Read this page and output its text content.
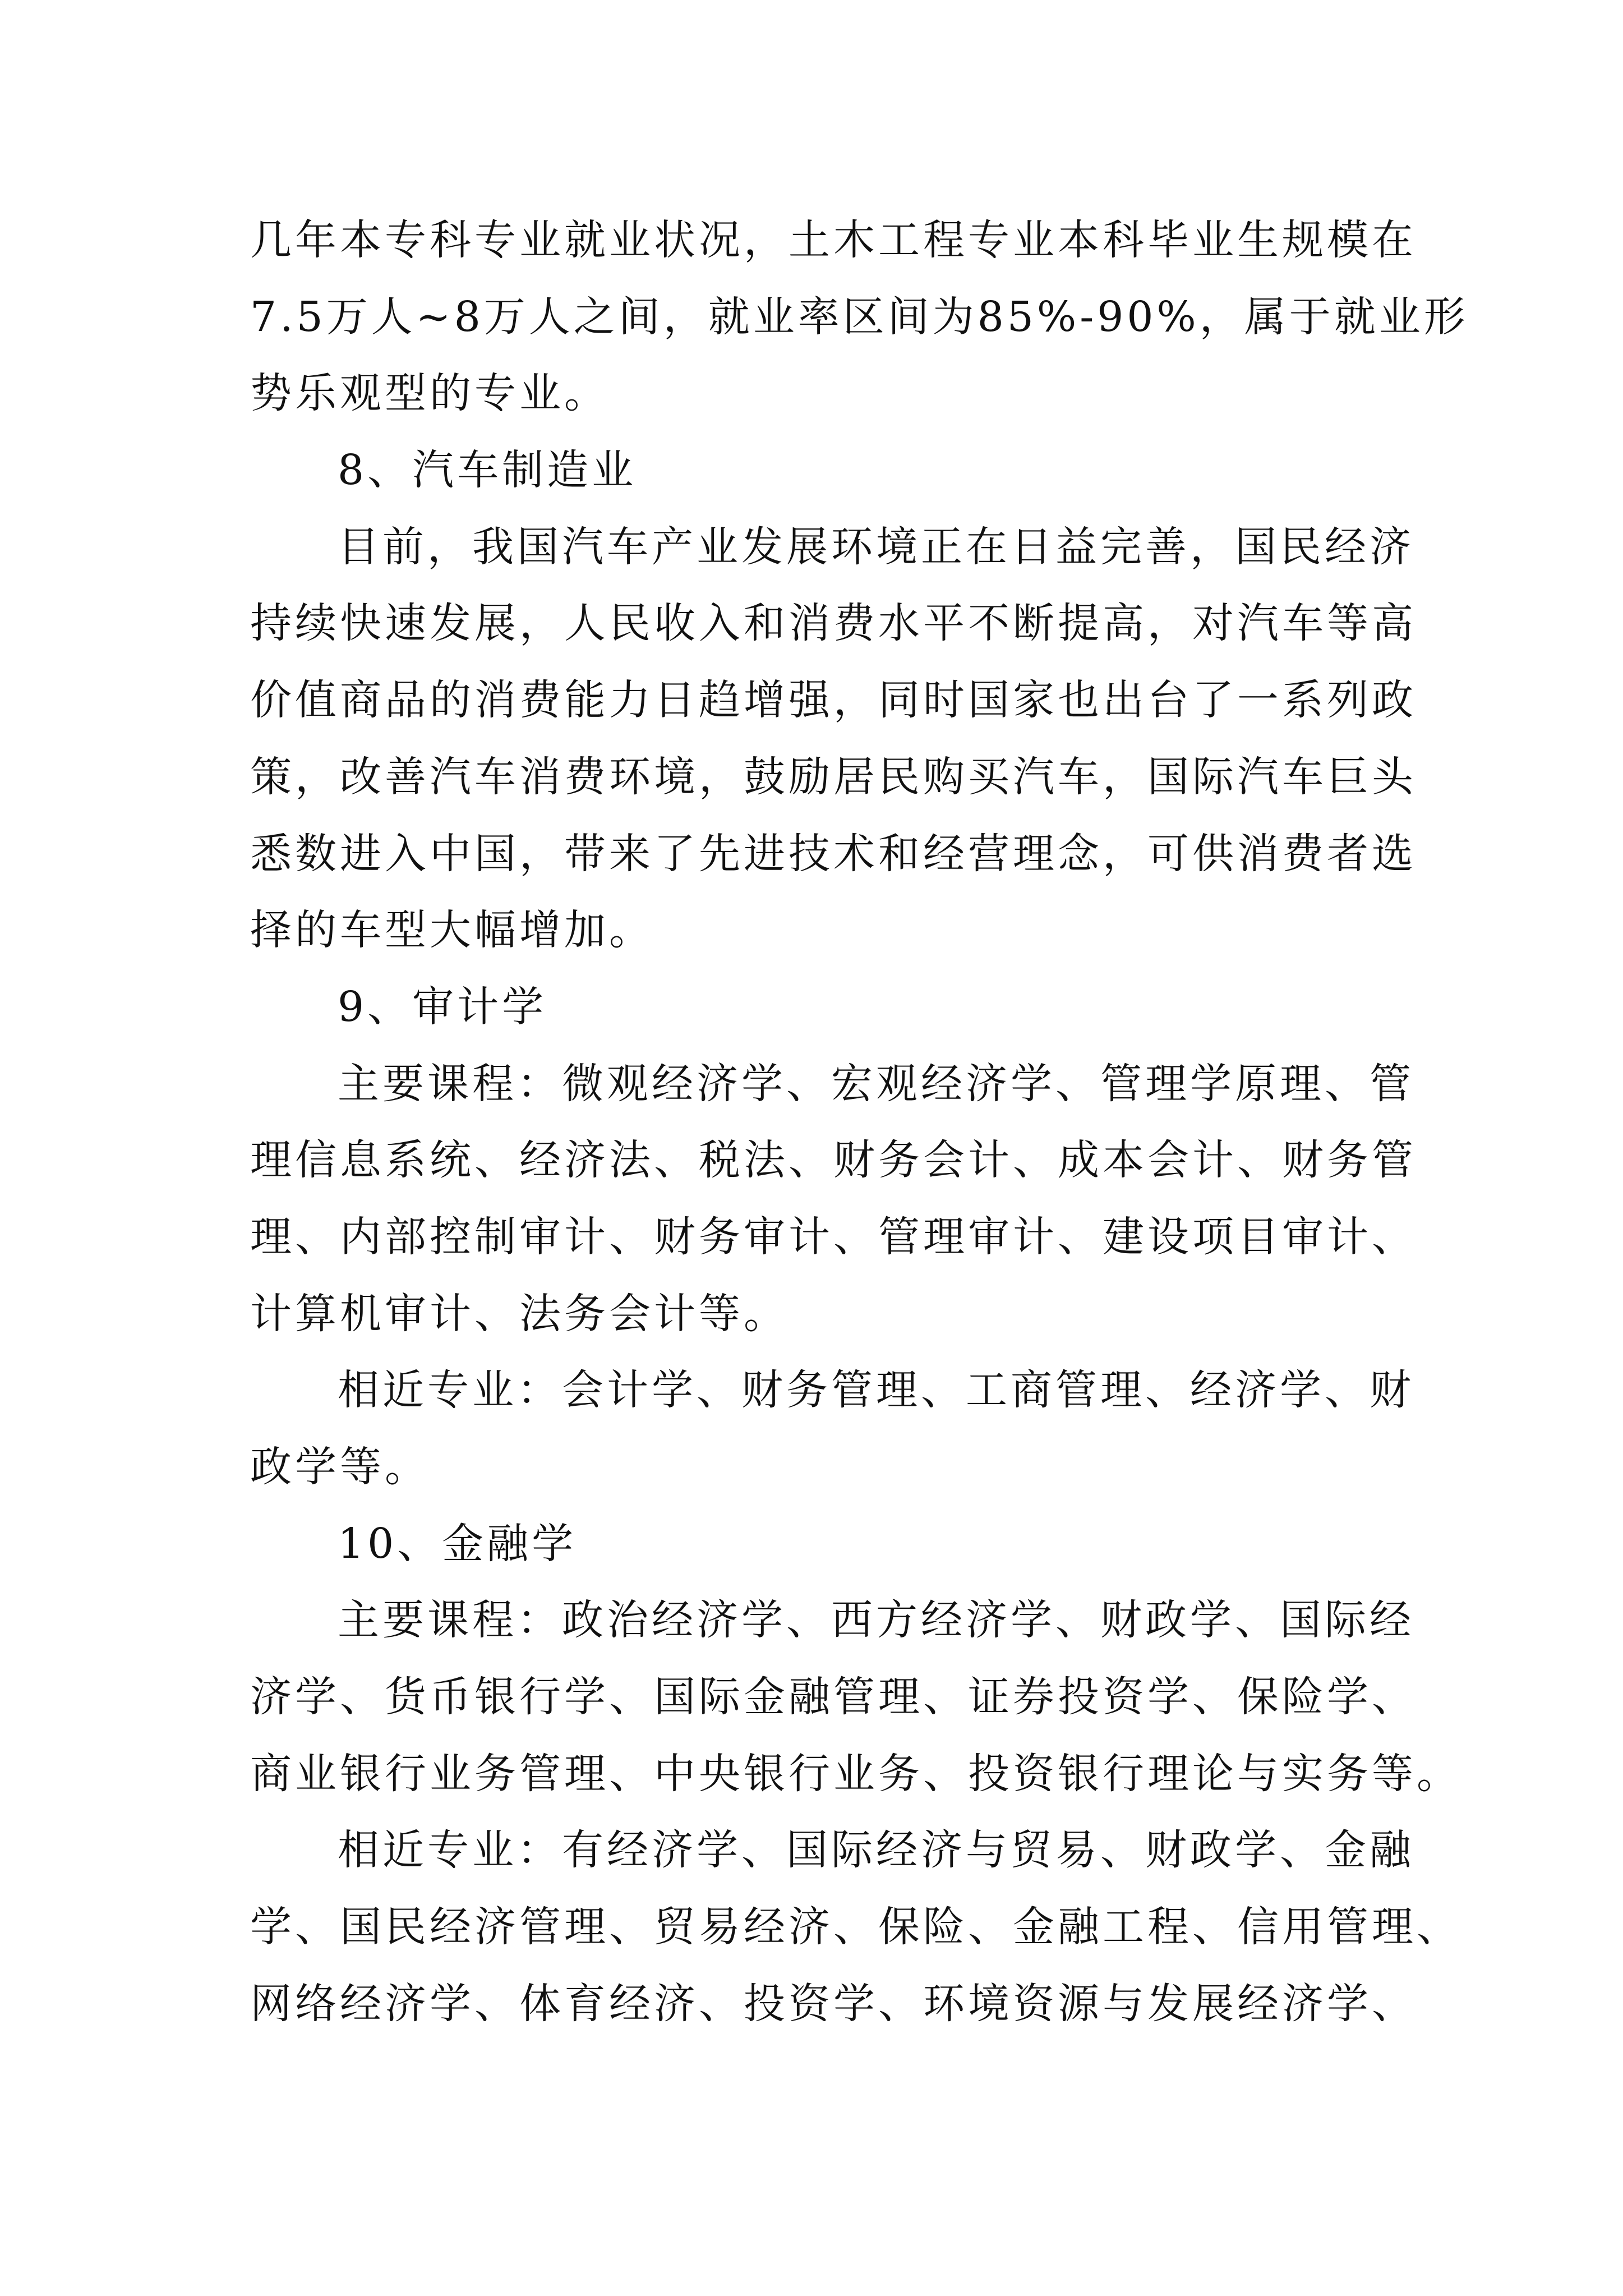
几年本专科专业就业状况，土木工程专业本科毕业生规模在
7.5万人~8万人之间，就业率区间为85%-90%，属于就业形
势乐观型的专业。
8、汽车制造业
目前，我国汽车产业发展环境正在日益完善，国民经济
持续快速发展，人民收入和消费水平不断提高，对汽车等高
价值商品的消费能力日趋增强，同时国家也出台了一系列政
策，改善汽车消费环境，鼓励居民购买汽车，国际汽车巨头
悉数进入中国，带来了先进技术和经营理念，可供消费者选
择的车型大幅增加。
9、审计学
主要课程：微观经济学、宏观经济学、管理学原理、管
理信息系统、经济法、税法、财务会计、成本会计、财务管
理、内部控制审计、财务审计、管理审计、建设项目审计、
计算机审计、法务会计等。
相近专业：会计学、财务管理、工商管理、经济学、财
政学等。
10、金融学
主要课程：政治经济学、西方经济学、财政学、国际经
济学、货币银行学、国际金融管理、证券投资学、保险学、
商业银行业务管理、中央银行业务、投资银行理论与实务等。
相近专业：有经济学、国际经济与贸易、财政学、金融
学、国民经济管理、贸易经济、保险、金融工程、信用管理、
网络经济学、体育经济、投资学、环境资源与发展经济学、
